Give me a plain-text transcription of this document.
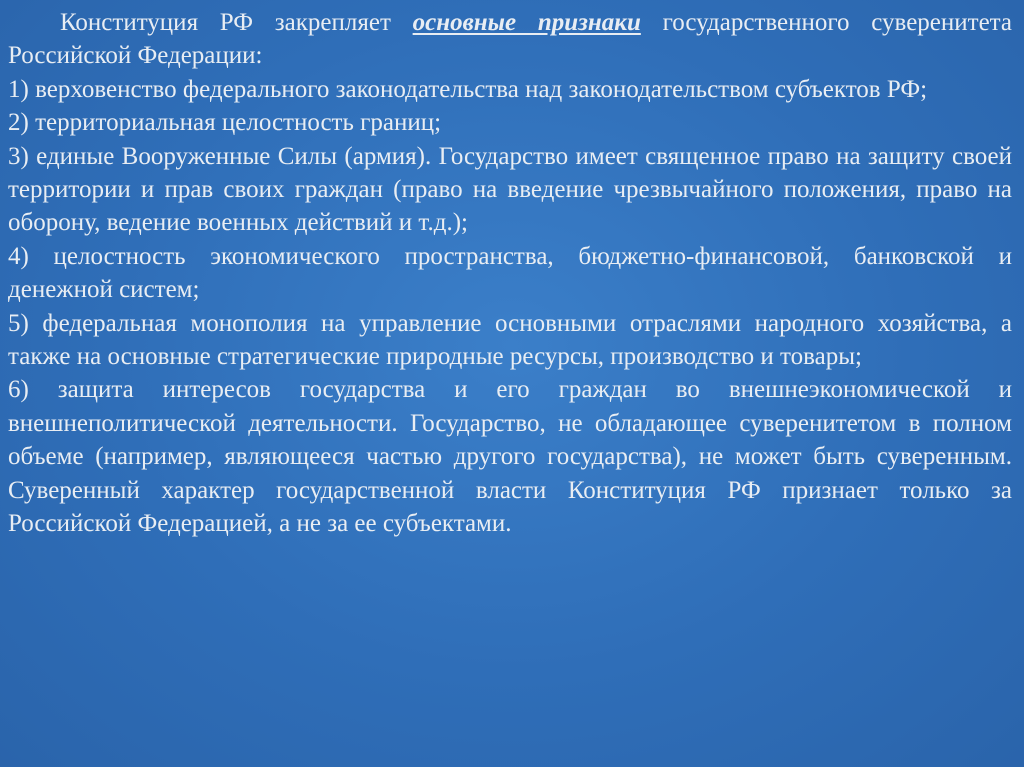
Конституция РФ закрепляет основные признаки государственного суверенитета Российской Федерации:

1) верховенство федерального законодательства над законодательством субъектов РФ;

2) территориальная целостность границ;

3) единые Вооруженные Силы (армия). Государство имеет священное право на защиту своей территории и прав своих граждан (право на введение чрезвычайного положения, право на оборону, ведение военных действий и т.д.);

4) целостность экономического пространства, бюджетно-финансовой, банковской и денежной систем;

5) федеральная монополия на управление основными отраслями народного хозяйства, а также на основные стратегические природные ресурсы, производство и товары;

6) защита интересов государства и его граждан во внешнеэкономической и внешнеполитической деятельности. Государство, не обладающее суверенитетом в полном объеме (например, являющееся частью другого государства), не может быть суверенным. Суверенный характер государственной власти Конституция РФ признает только за Российской Федерацией, а не за ее субъектами.
